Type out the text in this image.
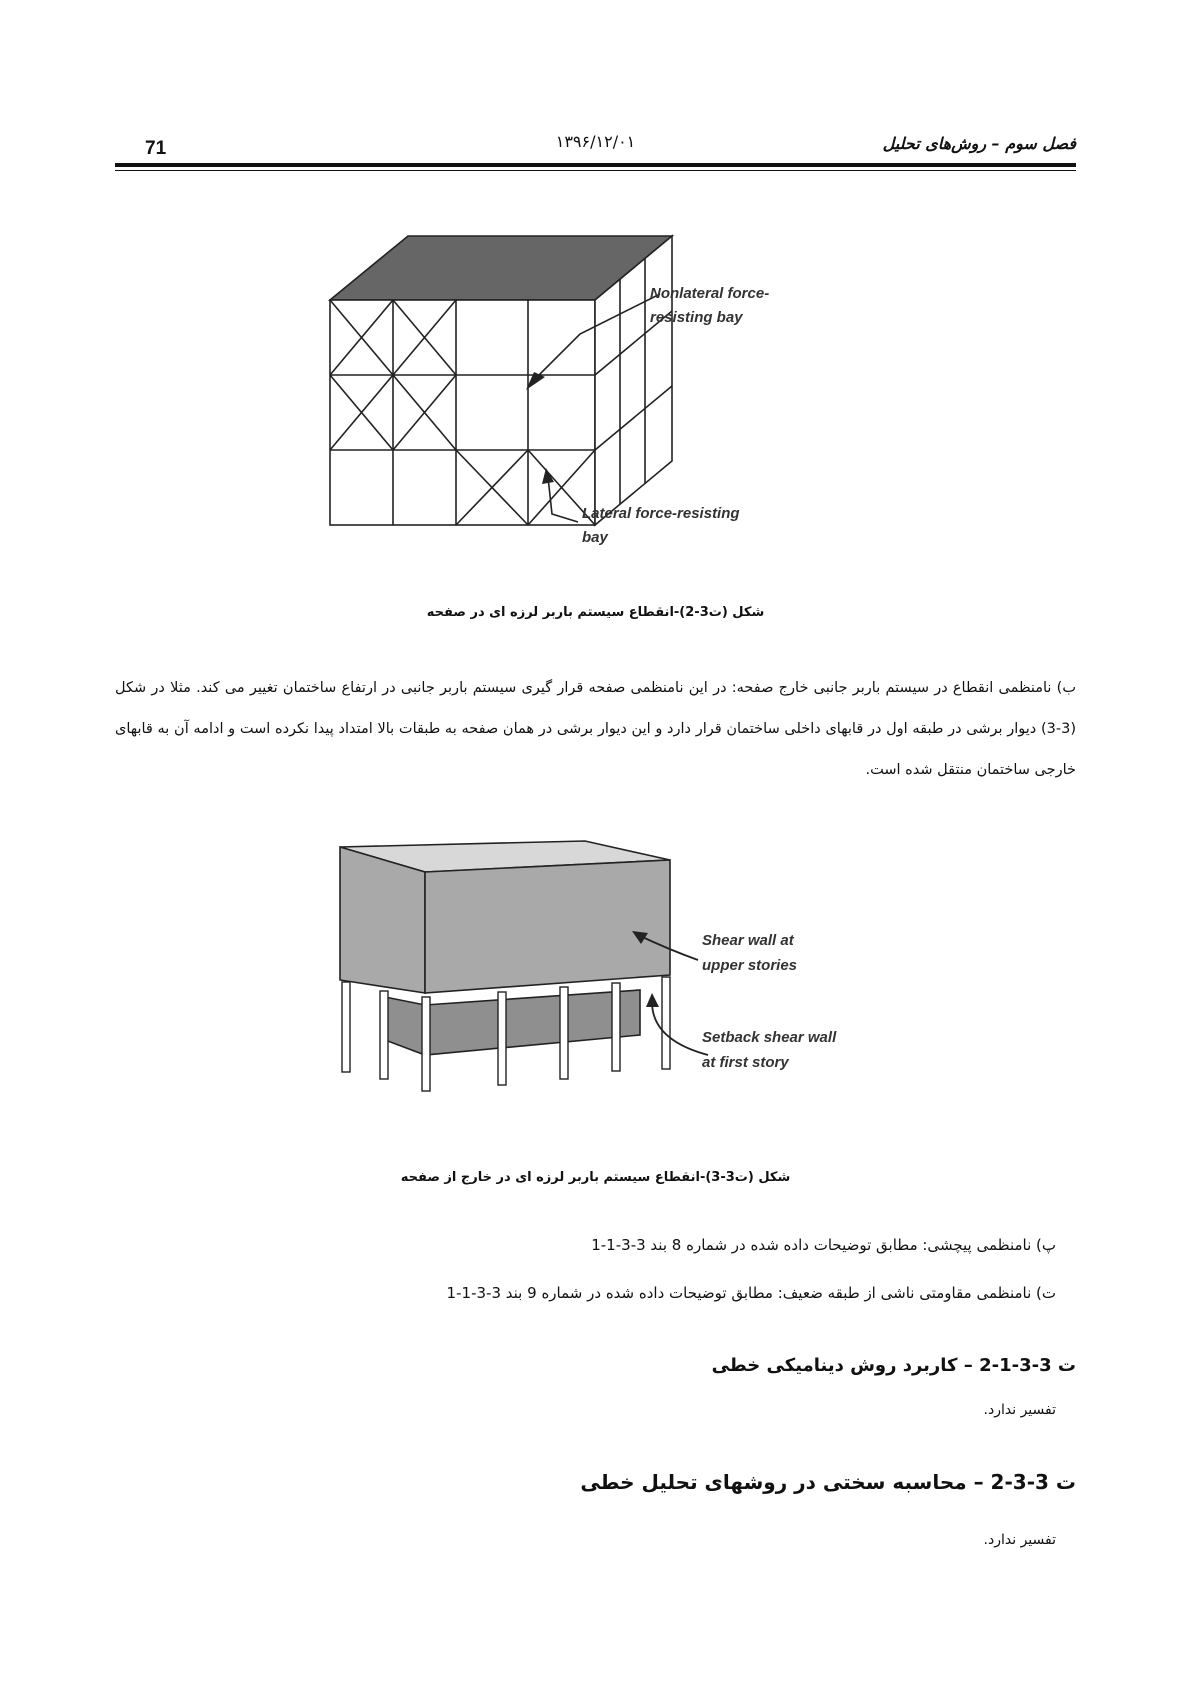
71	۱۳۹۶/۱۲/۰۱	فصل سوم – روش‌های تحلیل
Nonlateral force-
resisting bay
Lateral force-resisting
bay
شکل (ت3-2)-انقطاع سیستم باربر لرزه ای در صفحه
ب) نامنظمی انقطاع در سیستم باربر جانبی خارج صفحه: در این نامنظمی صفحه قرار گیری سیستم باربر جانبی در ارتفاع ساختمان تغییر می کند. مثلا در شکل (3-3) دیوار برشی در طبقه اول در قابهای داخلی ساختمان قرار دارد و این دیوار برشی در همان صفحه به طبقات بالا امتداد پیدا نکرده است و ادامه آن به قابهای خارجی ساختمان منتقل شده است.
Shear wall at
upper stories
Setback shear wall
at first story
شکل (ت3-3)-انقطاع سیستم باربر لرزه ای در خارج از صفحه
پ) نامنظمی پیچشی: مطابق توضیحات داده شده در شماره 8 بند 3-3-1-1
ت) نامنظمی مقاومتی ناشی از طبقه ضعیف: مطابق توضیحات داده شده در شماره 9 بند 3-3-1-1
ت 3-3-1-2 – کاربرد روش دینامیکی خطی
تفسیر ندارد.
ت 3-3-2 – محاسبه سختی در روشهای تحلیل خطی
تفسیر ندارد.
